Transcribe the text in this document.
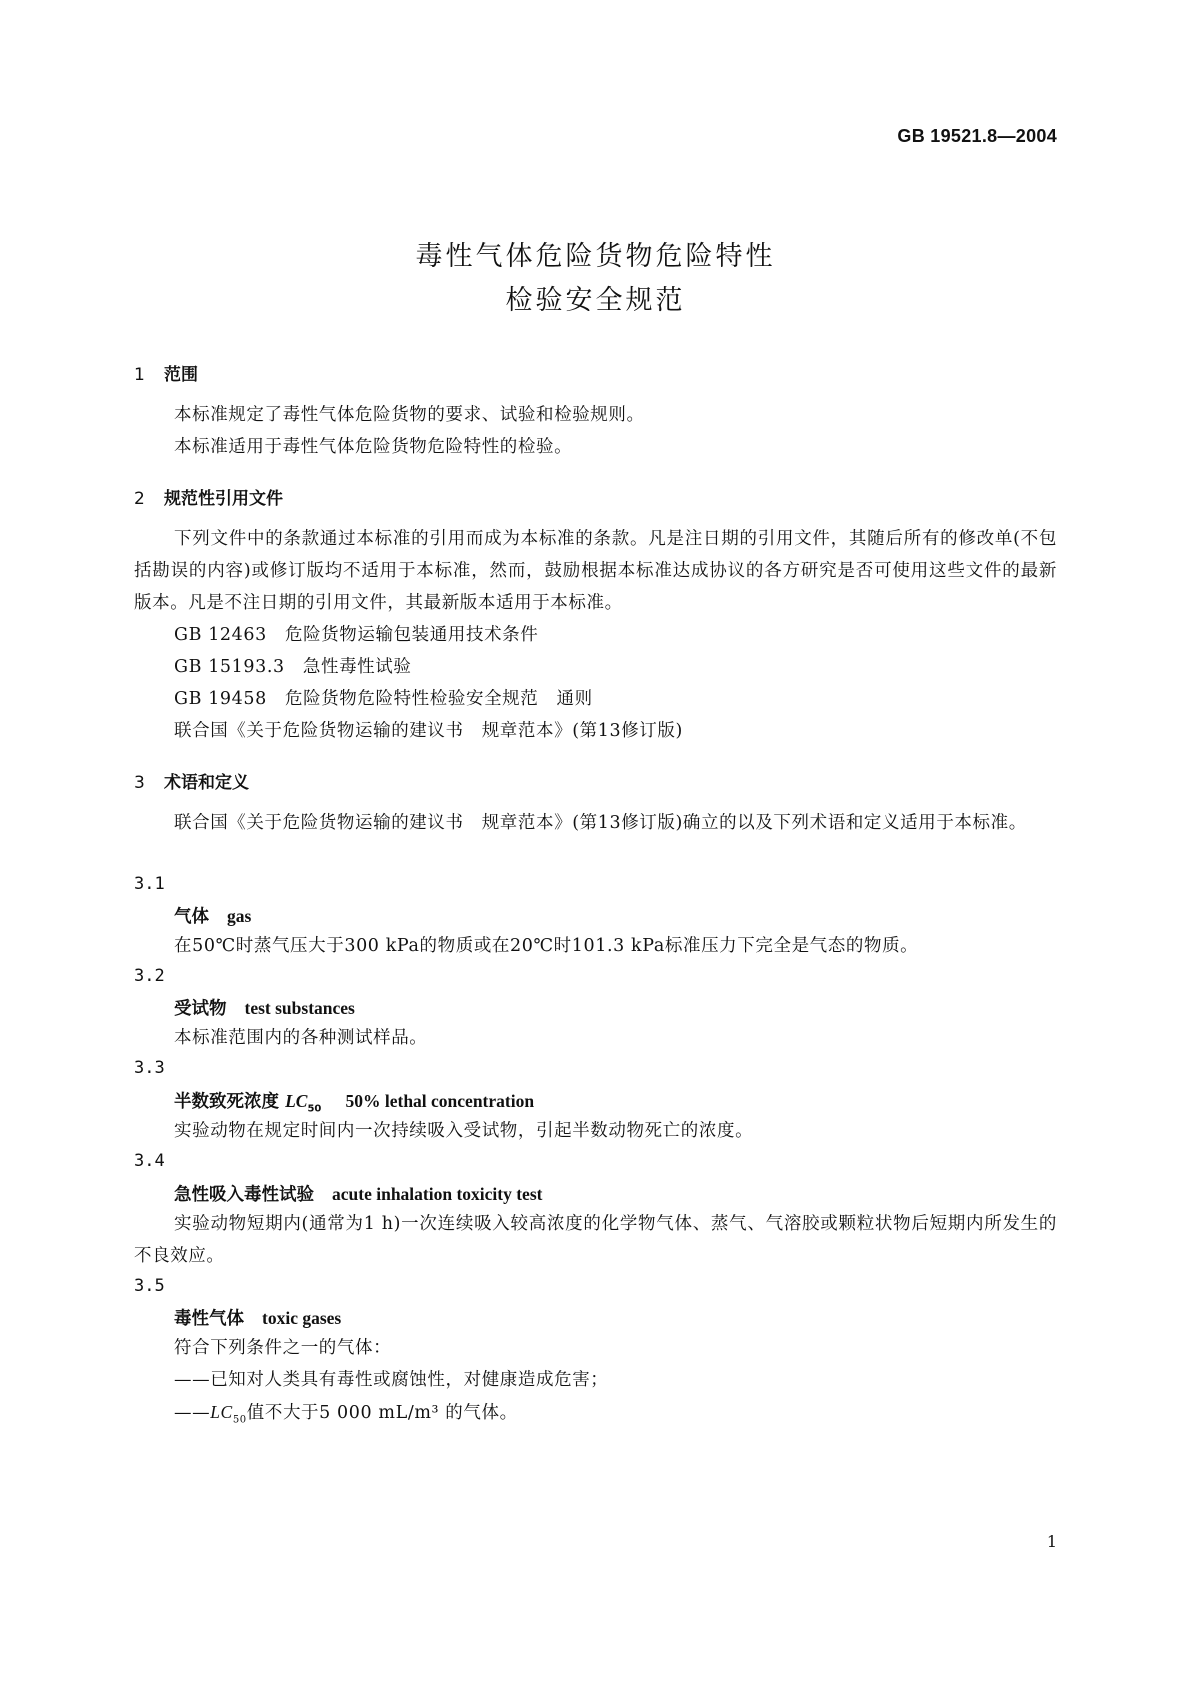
GB 19521.8—2004
毒性气体危险货物危险特性
检验安全规范
1 范围
本标准规定了毒性气体危险货物的要求、试验和检验规则。
本标准适用于毒性气体危险货物危险特性的检验。
2 规范性引用文件
下列文件中的条款通过本标准的引用而成为本标准的条款。凡是注日期的引用文件，其随后所有的修改单(不包括勘误的内容)或修订版均不适用于本标准，然而，鼓励根据本标准达成协议的各方研究是否可使用这些文件的最新版本。凡是不注日期的引用文件，其最新版本适用于本标准。
GB 12463　危险货物运输包装通用技术条件
GB 15193.3　急性毒性试验
GB 19458　危险货物危险特性检验安全规范　通则
联合国《关于危险货物运输的建议书　规章范本》(第13修订版)
3 术语和定义
联合国《关于危险货物运输的建议书　规章范本》(第13修订版)确立的以及下列术语和定义适用于本标准。
3.1
气体 gas
在50℃时蒸气压大于300 kPa的物质或在20℃时101.3 kPa标准压力下完全是气态的物质。
3.2
受试物 test substances
本标准范围内的各种测试样品。
3.3
半数致死浓度 $LC_{50}$ 50% lethal concentration
实验动物在规定时间内一次持续吸入受试物，引起半数动物死亡的浓度。
3.4
急性吸入毒性试验 acute inhalation toxicity test
实验动物短期内(通常为1 h)一次连续吸入较高浓度的化学物气体、蒸气、气溶胶或颗粒状物后短期内所发生的不良效应。
3.5
毒性气体 toxic gases
符合下列条件之一的气体：
——已知对人类具有毒性或腐蚀性，对健康造成危害；
$——LC_{50}$值不大于5 000 mL/m³ 的气体。
1
